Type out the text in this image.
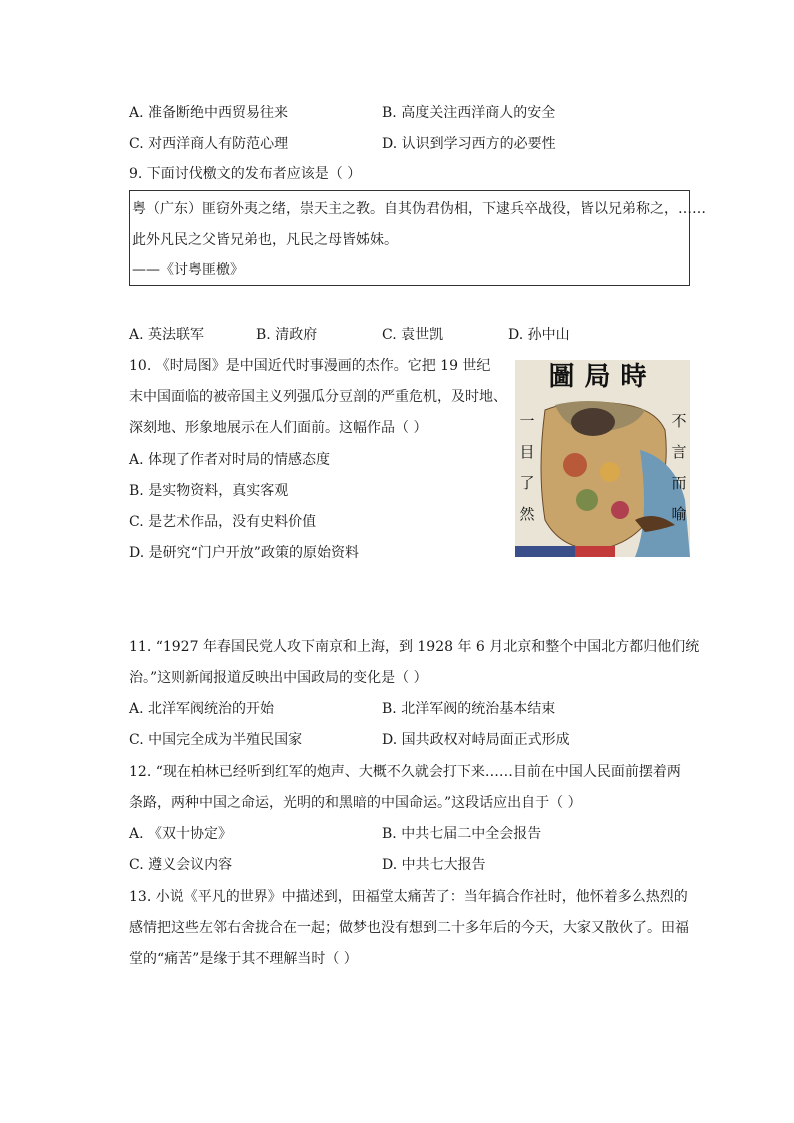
A. 准备断绝中西贸易往来	B. 高度关注西洋商人的安全
C. 对西洋商人有防范心理	D. 认识到学习西方的必要性
9. 下面讨伐檄文的发布者应该是（ ）
粤（广东）匪窃外夷之绪，崇天主之教。自其伪君伪相，下逮兵卒战役，皆以兄弟称之，……
此外凡民之父皆兄弟也，凡民之母皆姊妹。
——《讨粤匪檄》
A. 英法联军	B. 清政府	C. 袁世凯	D. 孙中山
10. 《时局图》是中国近代时事漫画的杰作。它把 19 世纪
末中国面临的被帝国主义列强瓜分豆剖的严重危机，及时地、
深刻地、形象地展示在人们面前。这幅作品（ ）
A. 体现了作者对时局的情感态度
B. 是实物资料，真实客观
C. 是艺术作品，没有史料价值
D. 是研究“门户开放”政策的原始资料
圖局時
一目了然
不言而喻
11. “1927 年春国民党人攻下南京和上海，到 1928 年 6 月北京和整个中国北方都归他们统
治。”这则新闻报道反映出中国政局的变化是（ ）
A. 北洋军阀统治的开始	B. 北洋军阀的统治基本结束
C. 中国完全成为半殖民国家	D. 国共政权对峙局面正式形成
12. “现在柏林已经听到红军的炮声、大概不久就会打下来……目前在中国人民面前摆着两
条路，两种中国之命运，光明的和黑暗的中国命运。”这段话应出自于（ ）
A. 《双十协定》	B. 中共七届二中全会报告
C. 遵义会议内容	D. 中共七大报告
13. 小说《平凡的世界》中描述到，田福堂太痛苦了：当年搞合作社时，他怀着多么热烈的
感情把这些左邻右舍拢合在一起；做梦也没有想到二十多年后的今天，大家又散伙了。田福
堂的“痛苦”是缘于其不理解当时（ ）
